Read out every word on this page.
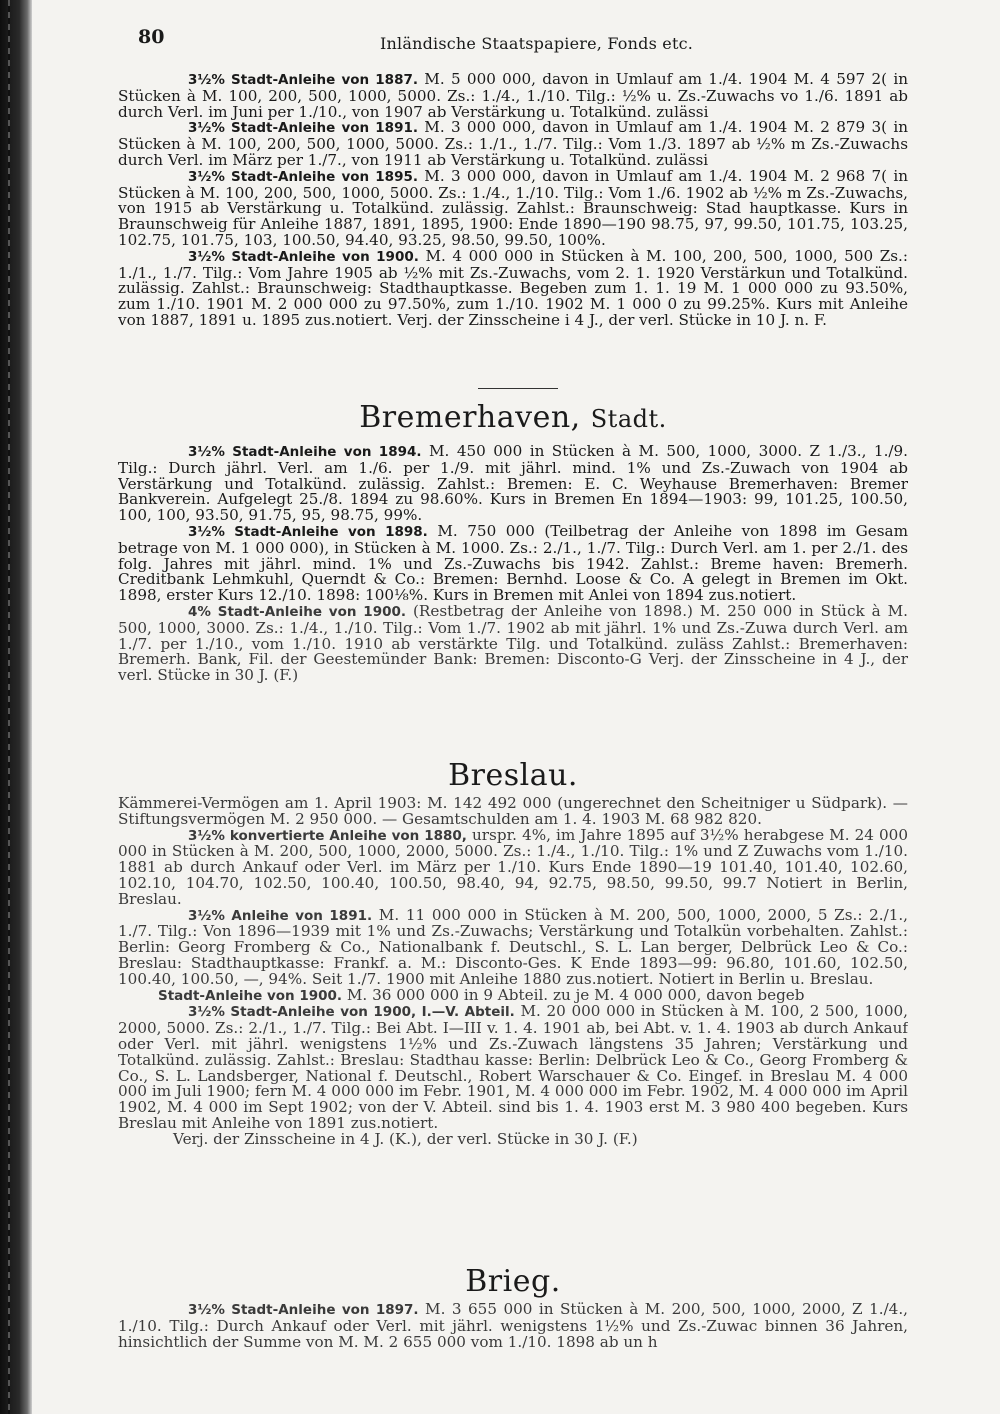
80	Inländische Staatspapiere, Fonds etc.

3½% Stadt-Anleihe von 1887. M. 5 000 000, davon in Umlauf am 1./4. 1904 M. 4 597 2( in Stücken à M. 100, 200, 500, 1000, 5000. Zs.: 1./4., 1./10. Tilg.: ½% u. Zs.-Zuwachs vo 1./6. 1891 ab durch Verl. im Juni per 1./10., von 1907 ab Verstärkung u. Totalkünd. zulässi

3½% Stadt-Anleihe von 1891. M. 3 000 000, davon in Umlauf am 1./4. 1904 M. 2 879 3( in Stücken à M. 100, 200, 500, 1000, 5000. Zs.: 1./1., 1./7. Tilg.: Vom 1./3. 1897 ab ½% m Zs.-Zuwachs durch Verl. im März per 1./7., von 1911 ab Verstärkung u. Totalkünd. zulässi

3½% Stadt-Anleihe von 1895. M. 3 000 000, davon in Umlauf am 1./4. 1904 M. 2 968 7( in Stücken à M. 100, 200, 500, 1000, 5000. Zs.: 1./4., 1./10. Tilg.: Vom 1./6. 1902 ab ½% m Zs.-Zuwachs, von 1915 ab Verstärkung u. Totalkünd. zulässig. Zahlst.: Braunschweig: Stad hauptkasse. Kurs in Braunschweig für Anleihe 1887, 1891, 1895, 1900: Ende 1890—190 98.75, 97, 99.50, 101.75, 103.25, 102.75, 101.75, 103, 100.50, 94.40, 93.25, 98.50, 99.50, 100%.

3½% Stadt-Anleihe von 1900. M. 4 000 000 in Stücken à M. 100, 200, 500, 1000, 500 Zs.: 1./1., 1./7. Tilg.: Vom Jahre 1905 ab ½% mit Zs.-Zuwachs, vom 2. 1. 1920 Verstärkun und Totalkünd. zulässig. Zahlst.: Braunschweig: Stadthauptkasse. Begeben zum 1. 1. 19 M. 1 000 000 zu 93.50%, zum 1./10. 1901 M. 2 000 000 zu 97.50%, zum 1./10. 1902 M. 1 000 0 zu 99.25%. Kurs mit Anleihe von 1887, 1891 u. 1895 zus.notiert. Verj. der Zinsscheine i 4 J., der verl. Stücke in 10 J. n. F.

Bremerhaven, Stadt.

3½% Stadt-Anleihe von 1894. M. 450 000 in Stücken à M. 500, 1000, 3000. Z 1./3., 1./9. Tilg.: Durch jährl. Verl. am 1./6. per 1./9. mit jährl. mind. 1% und Zs.-Zuwach von 1904 ab Verstärkung und Totalkünd. zulässig. Zahlst.: Bremen: E. C. Weyhause Bremerhaven: Bremer Bankverein. Aufgelegt 25./8. 1894 zu 98.60%. Kurs in Bremen En 1894—1903: 99, 101.25, 100.50, 100, 100, 93.50, 91.75, 95, 98.75, 99%.

3½% Stadt-Anleihe von 1898. M. 750 000 (Teilbetrag der Anleihe von 1898 im Gesam betrage von M. 1 000 000), in Stücken à M. 1000. Zs.: 2./1., 1./7. Tilg.: Durch Verl. am 1. per 2./1. des folg. Jahres mit jährl. mind. 1% und Zs.-Zuwachs bis 1942. Zahlst.: Breme haven: Bremerh. Creditbank Lehmkuhl, Querndt & Co.: Bremen: Bernhd. Loose & Co. A gelegt in Bremen im Okt. 1898, erster Kurs 12./10. 1898: 100⅛%. Kurs in Bremen mit Anlei von 1894 zus.notiert.

4% Stadt-Anleihe von 1900. (Restbetrag der Anleihe von 1898.) M. 250 000 in Stück à M. 500, 1000, 3000. Zs.: 1./4., 1./10. Tilg.: Vom 1./7. 1902 ab mit jährl. 1% und Zs.-Zuwa durch Verl. am 1./7. per 1./10., vom 1./10. 1910 ab verstärkte Tilg. und Totalkünd. zuläss Zahlst.: Bremerhaven: Bremerh. Bank, Fil. der Geestemünder Bank: Bremen: Disconto-G Verj. der Zinsscheine in 4 J., der verl. Stücke in 30 J. (F.)

Breslau.

Kämmerei-Vermögen am 1. April 1903: M. 142 492 000 (ungerechnet den Scheitniger u Südpark). — Stiftungsvermögen M. 2 950 000. — Gesamtschulden am 1. 4. 1903 M. 68 982 820.

3½% konvertierte Anleihe von 1880, urspr. 4%, im Jahre 1895 auf 3½% herabgese M. 24 000 000 in Stücken à M. 200, 500, 1000, 2000, 5000. Zs.: 1./4., 1./10. Tilg.: 1% und Z Zuwachs vom 1./10. 1881 ab durch Ankauf oder Verl. im März per 1./10. Kurs Ende 1890—19 101.40, 101.40, 102.60, 102.10, 104.70, 102.50, 100.40, 100.50, 98.40, 94, 92.75, 98.50, 99.50, 99.7 Notiert in Berlin, Breslau.

3½% Anleihe von 1891. M. 11 000 000 in Stücken à M. 200, 500, 1000, 2000, 5 Zs.: 2./1., 1./7. Tilg.: Von 1896—1939 mit 1% und Zs.-Zuwachs; Verstärkung und Totalkün vorbehalten. Zahlst.: Berlin: Georg Fromberg & Co., Nationalbank f. Deutschl., S. L. Lan berger, Delbrück Leo & Co.: Breslau: Stadthauptkasse: Frankf. a. M.: Disconto-Ges. K Ende 1893—99: 96.80, 101.60, 102.50, 100.40, 100.50, —, 94%. Seit 1./7. 1900 mit Anleihe 1880 zus.notiert. Notiert in Berlin u. Breslau.

Stadt-Anleihe von 1900. M. 36 000 000 in 9 Abteil. zu je M. 4 000 000, davon begeb

3½% Stadt-Anleihe von 1900, I.—V. Abteil. M. 20 000 000 in Stücken à M. 100, 2 500, 1000, 2000, 5000. Zs.: 2./1., 1./7. Tilg.: Bei Abt. I—III v. 1. 4. 1901 ab, bei Abt. v. 1. 4. 1903 ab durch Ankauf oder Verl. mit jährl. wenigstens 1½% und Zs.-Zuwach längstens 35 Jahren; Verstärkung und Totalkünd. zulässig. Zahlst.: Breslau: Stadthau kasse: Berlin: Delbrück Leo & Co., Georg Fromberg & Co., S. L. Landsberger, National f. Deutschl., Robert Warschauer & Co. Eingef. in Breslau M. 4 000 000 im Juli 1900; fern M. 4 000 000 im Febr. 1901, M. 4 000 000 im Febr. 1902, M. 4 000 000 im April 1902, M. 4 000 im Sept 1902; von der V. Abteil. sind bis 1. 4. 1903 erst M. 3 980 400 begeben. Kurs Breslau mit Anleihe von 1891 zus.notiert.

Verj. der Zinsscheine in 4 J. (K.), der verl. Stücke in 30 J. (F.)

Brieg.

3½% Stadt-Anleihe von 1897. M. 3 655 000 in Stücken à M. 200, 500, 1000, 2000, Z 1./4., 1./10. Tilg.: Durch Ankauf oder Verl. mit jährl. wenigstens 1½% und Zs.-Zuwac binnen 36 Jahren, hinsichtlich der Summe von M. M. 2 655 000 vom 1./10. 1898 ab un h
